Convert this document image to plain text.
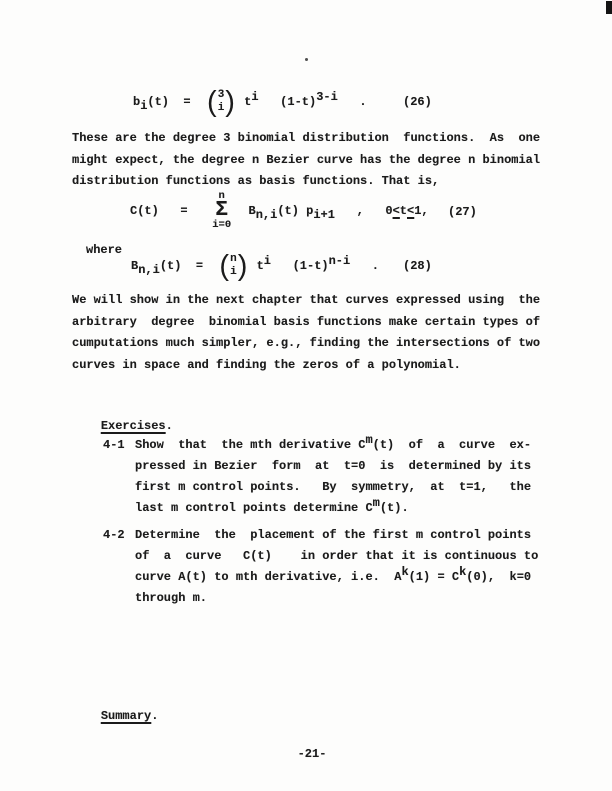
b i (t)  = ( 3
i ) t i (1-t) 3-i .	(26)
These are the degree 3 binomial distribution  functions.  As  one
might expect, the degree n Bezier curve has the degree n binomial
distribution functions as basis functions. That is,
C(t)   =
n
Σ
i=0
B n,i (t) p i+1 , 0<t<1, (27)
where
B n,i (t)  = ( n
i ) t i (1-t) n-i . (28)
We will show in the next chapter that curves expressed using  the
arbitrary  degree  binomial basis functions make certain types of
cumputations much simpler, e.g., finding the intersections of two
curves in space and finding the zeros of a polynomial.

Exercises.

4-1 Show  that  the mth derivative Cm(t)  of  a  curve  ex-
pressed in Bezier  form  at  t=0  is  determined by its
first m control points.   By  symmetry,  at  t=1,   the
last m control points determine Cm(t).
4-2 Determine  the  placement of the first m control points
of  a  curve   C(t)    in order that it is continuous to
curve A(t) to mth derivative, i.e.  Ak(1) = Ck(0),  k=0
through m.

Summary.

-21-
